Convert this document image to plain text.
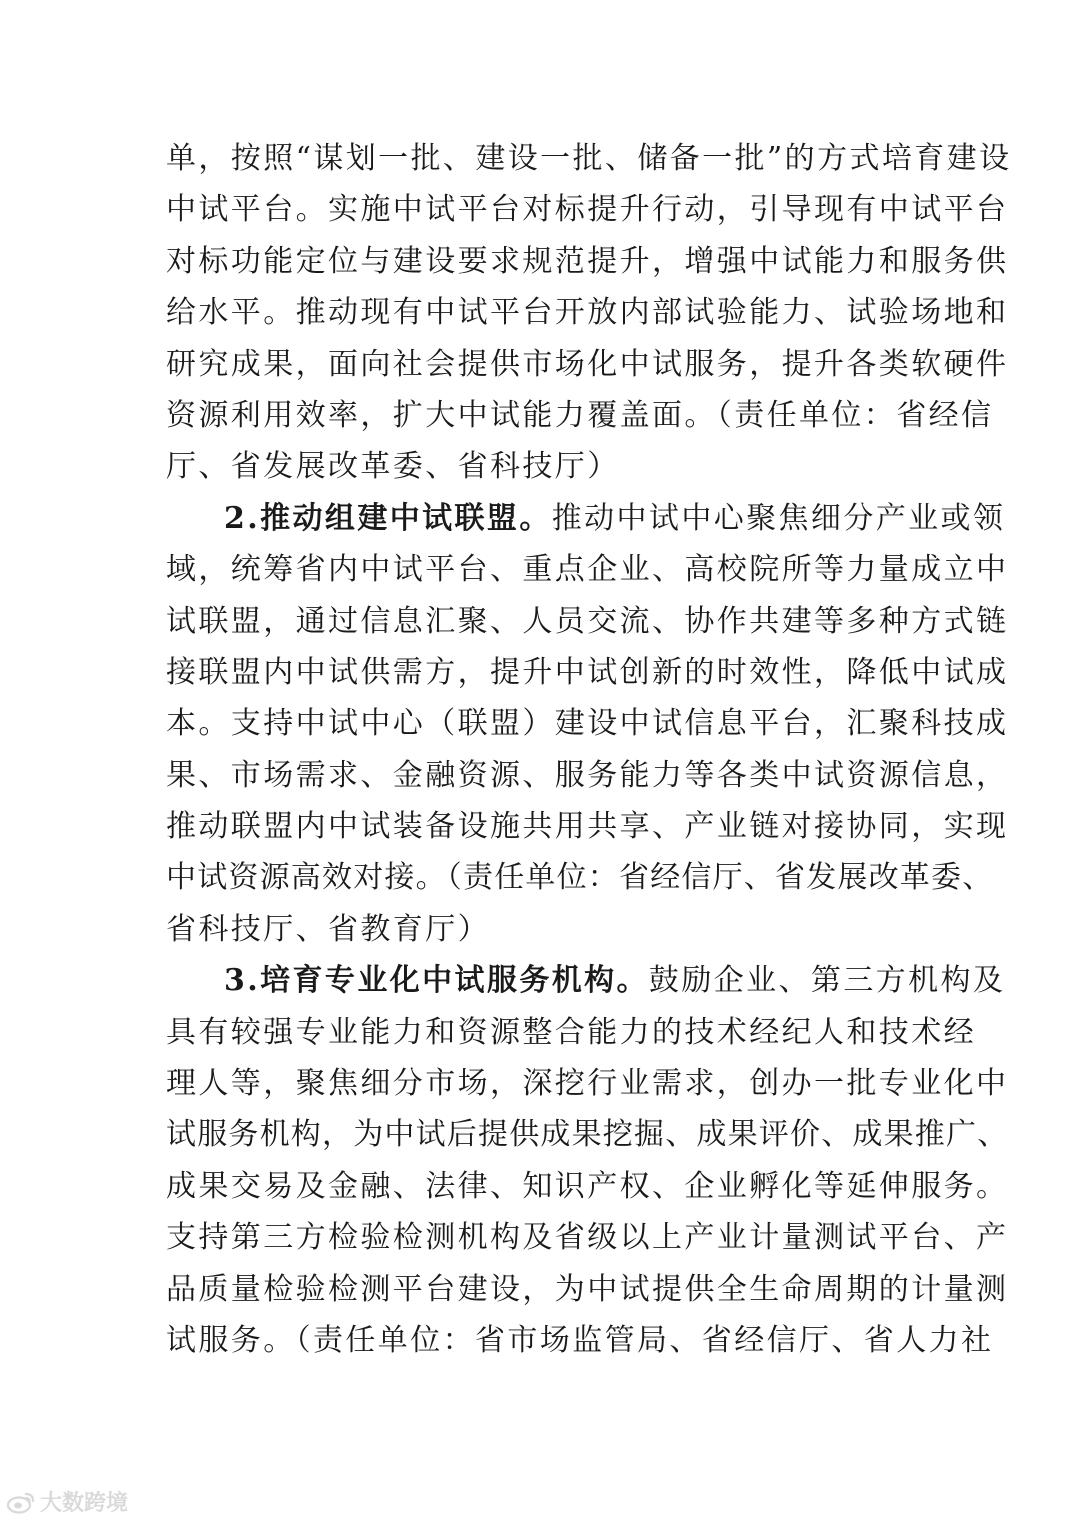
单，按照“谋划一批、建设一批、储备一批”的方式培育建设
中试平台。实施中试平台对标提升行动，引导现有中试平台
对标功能定位与建设要求规范提升，增强中试能力和服务供
给水平。推动现有中试平台开放内部试验能力、试验场地和
研究成果，面向社会提供市场化中试服务，提升各类软硬件
资源利用效率，扩大中试能力覆盖面。（责任单位：省经信
厅、省发展改革委、省科技厅）
2.推动组建中试联盟。推动中试中心聚焦细分产业或领
域，统筹省内中试平台、重点企业、高校院所等力量成立中
试联盟，通过信息汇聚、人员交流、协作共建等多种方式链
接联盟内中试供需方，提升中试创新的时效性，降低中试成
本。支持中试中心（联盟）建设中试信息平台，汇聚科技成
果、市场需求、金融资源、服务能力等各类中试资源信息，
推动联盟内中试装备设施共用共享、产业链对接协同，实现
中试资源高效对接。（责任单位：省经信厅、省发展改革委、
省科技厅、省教育厅）
3.培育专业化中试服务机构。鼓励企业、第三方机构及
具有较强专业能力和资源整合能力的技术经纪人和技术经
理人等，聚焦细分市场，深挖行业需求，创办一批专业化中
试服务机构，为中试后提供成果挖掘、成果评价、成果推广、
成果交易及金融、法律、知识产权、企业孵化等延伸服务。
支持第三方检验检测机构及省级以上产业计量测试平台、产
品质量检验检测平台建设，为中试提供全生命周期的计量测
试服务。（责任单位：省市场监管局、省经信厅、省人力社
大数跨境
